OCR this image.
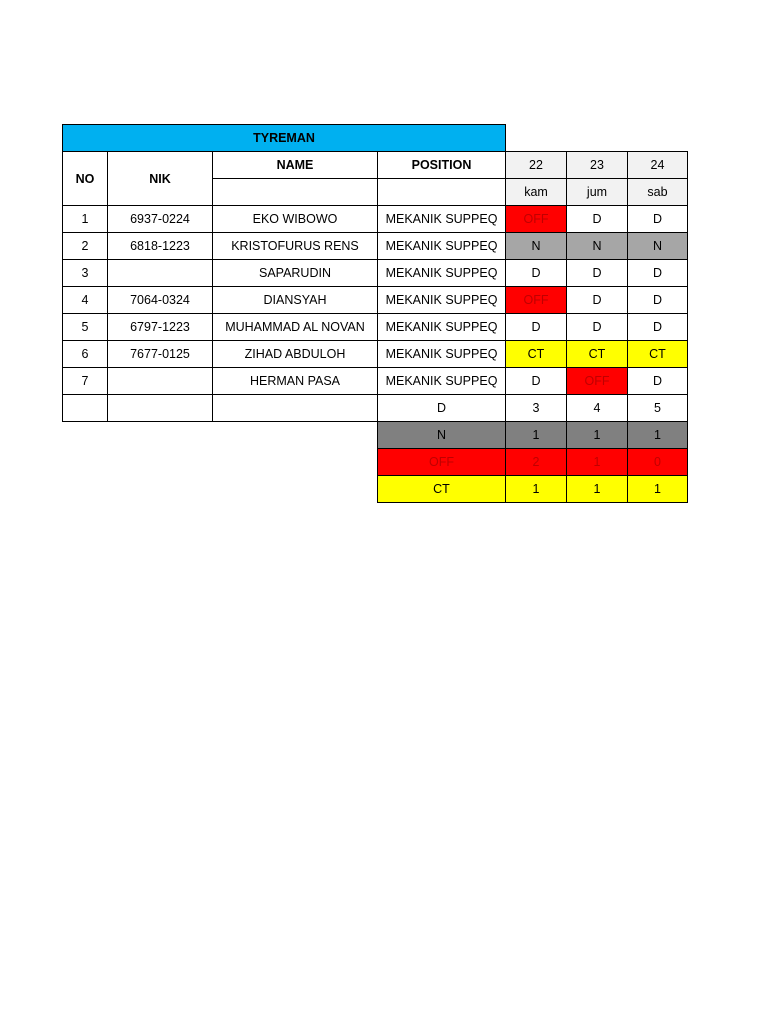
TYREMAN						
NO	NIK	NAME	POSITION	22	23	24
				kam	jum	sab
1	6937-0224	EKO WIBOWO	MEKANIK SUPPEQ	OFF	D	D
2	6818-1223	KRISTOFURUS RENS	MEKANIK SUPPEQ	N	N	N
3		SAPARUDIN	MEKANIK SUPPEQ	D	D	D
4	7064-0324	DIANSYAH	MEKANIK SUPPEQ	OFF	D	D
5	6797-1223	MUHAMMAD AL NOVAN	MEKANIK SUPPEQ	D	D	D
6	7677-0125	ZIHAD ABDULOH	MEKANIK SUPPEQ	CT	CT	CT
7		HERMAN PASA	MEKANIK SUPPEQ	D	OFF	D
			D	3	4	5
			N	1	1	1
			OFF	2	1	0
			CT	1	1	1
